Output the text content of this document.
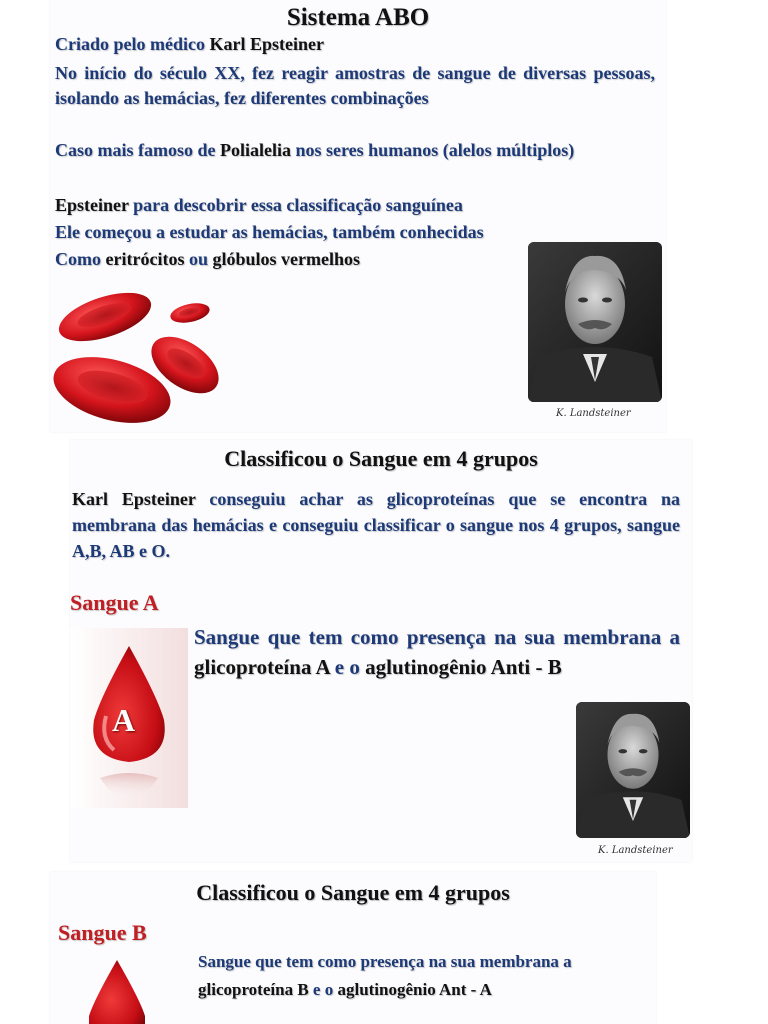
Sistema ABO

Criado pelo médico Karl Epsteiner

No início do século XX, fez reagir amostras de sangue de diversas pessoas, isolando as hemácias, fez diferentes combinações

Caso mais famoso de Polialelia nos seres humanos (alelos múltiplos)

Epsteiner para descobrir essa classificação sanguínea

Ele começou a estudar as hemácias, também conhecidas

Como eritrócitos ou glóbulos vermelhos

K. Landsteiner
Classificou o Sangue em 4 grupos

Karl Epsteiner conseguiu achar as glicoproteínas que se encontra na membrana das hemácias e conseguiu classificar o sangue nos 4 grupos, sangue A,B, AB e O.

Sangue A
A

Sangue que tem como presença na sua membrana a glicoproteína A e o aglutinogênio Anti - B

K. Landsteiner
Classificou o Sangue em 4 grupos
Sangue B

Sangue que tem como presença na sua membrana a glicoproteína B e o aglutinogênio Ant - A
